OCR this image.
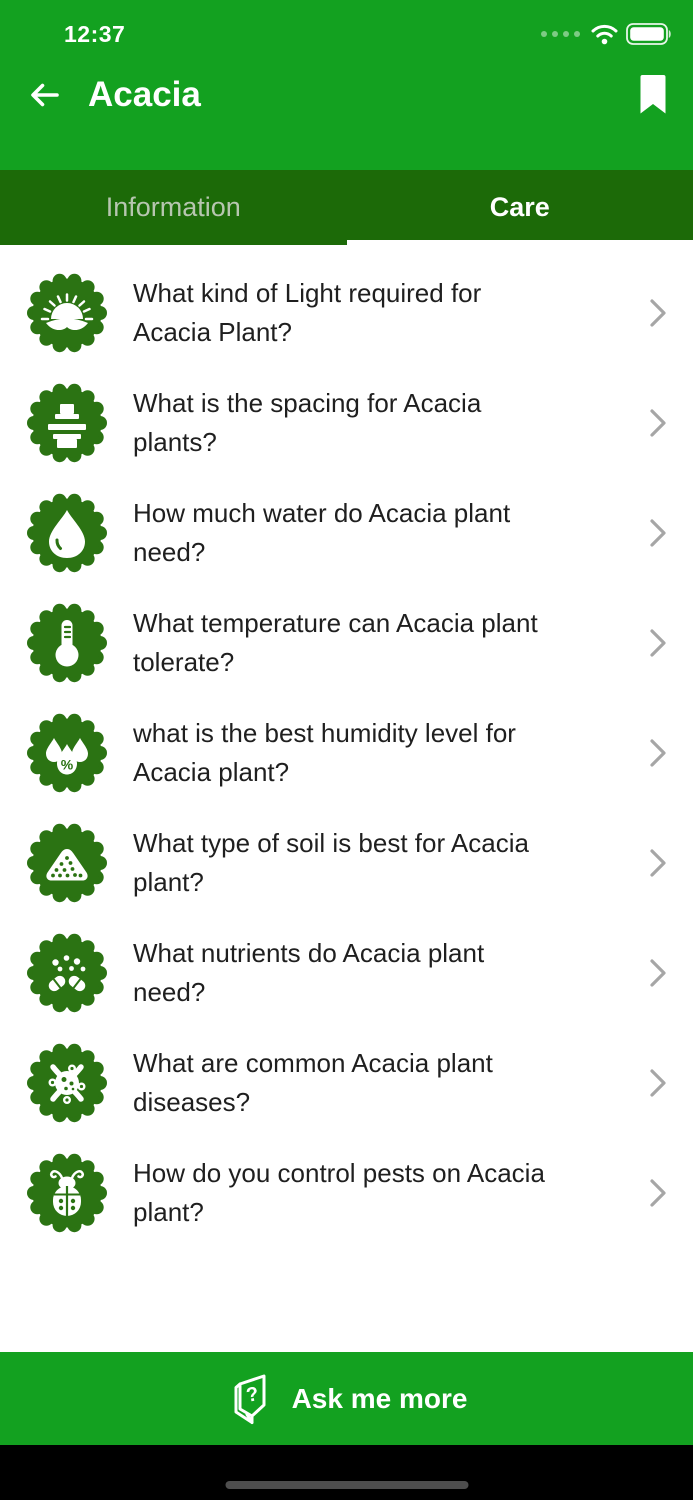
12:37
Acacia
Information	Care
What kind of Light required for Acacia Plant?
What is the spacing for Acacia plants?
How much water do Acacia plant need?
What temperature can Acacia plant tolerate?
%
what is the best humidity level for Acacia plant?
What type of soil is best for Acacia plant?
What nutrients do Acacia plant need?
What are common Acacia plant diseases?
How do you control pests on Acacia plant?
? Ask me more
